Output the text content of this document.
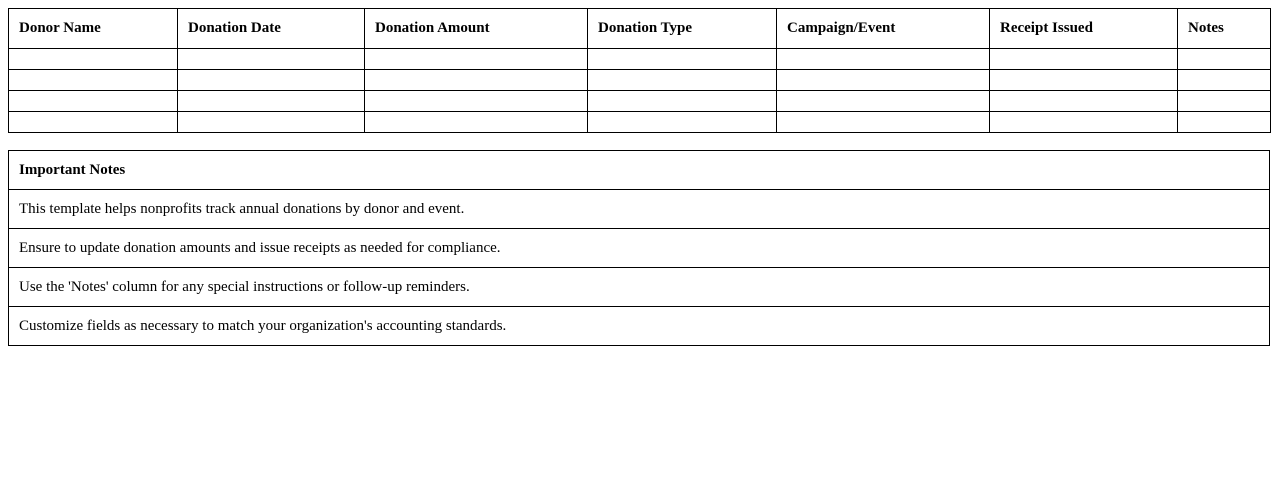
Donor Name	Donation Date	Donation Amount	Donation Type	Campaign/Event	Receipt Issued	Notes

Important Notes
This template helps nonprofits track annual donations by donor and event.
Ensure to update donation amounts and issue receipts as needed for compliance.
Use the 'Notes' column for any special instructions or follow-up reminders.
Customize fields as necessary to match your organization's accounting standards.
